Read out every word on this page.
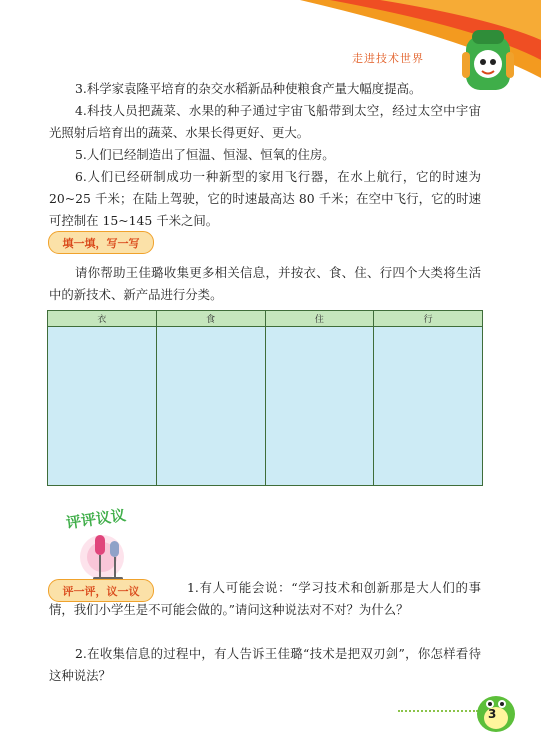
走进技术世界

3.科学家袁隆平培育的杂交水稻新品种使粮食产量大幅度提高。

4.科技人员把蔬菜、水果的种子通过宇宙飞船带到太空，经过太空中宇宙光照射后培育出的蔬菜、水果长得更好、更大。

5.人们已经制造出了恒温、恒湿、恒氧的住房。

6.人们已经研制成功一种新型的家用飞行器，在水上航行，它的时速为 20~25 千米；在陆上驾驶，它的时速最高达 80 千米；在空中飞行，它的时速可控制在 15~145 千米之间。

填一填，写一写

请你帮助王佳璐收集更多相关信息，并按衣、食、住、行四个大类将生活中的新技术、新产品进行分类。

衣	食	住	行

评评议议
评一评，议一议	1.有人可能会说：“学习技术和创新那是大人们的事情，我们小学生是不可能会做的。”请问这种说法对不对？为什么？

2.在收集信息的过程中，有人告诉王佳璐“技术是把双刃剑”，你怎样看待这种说法？

3
